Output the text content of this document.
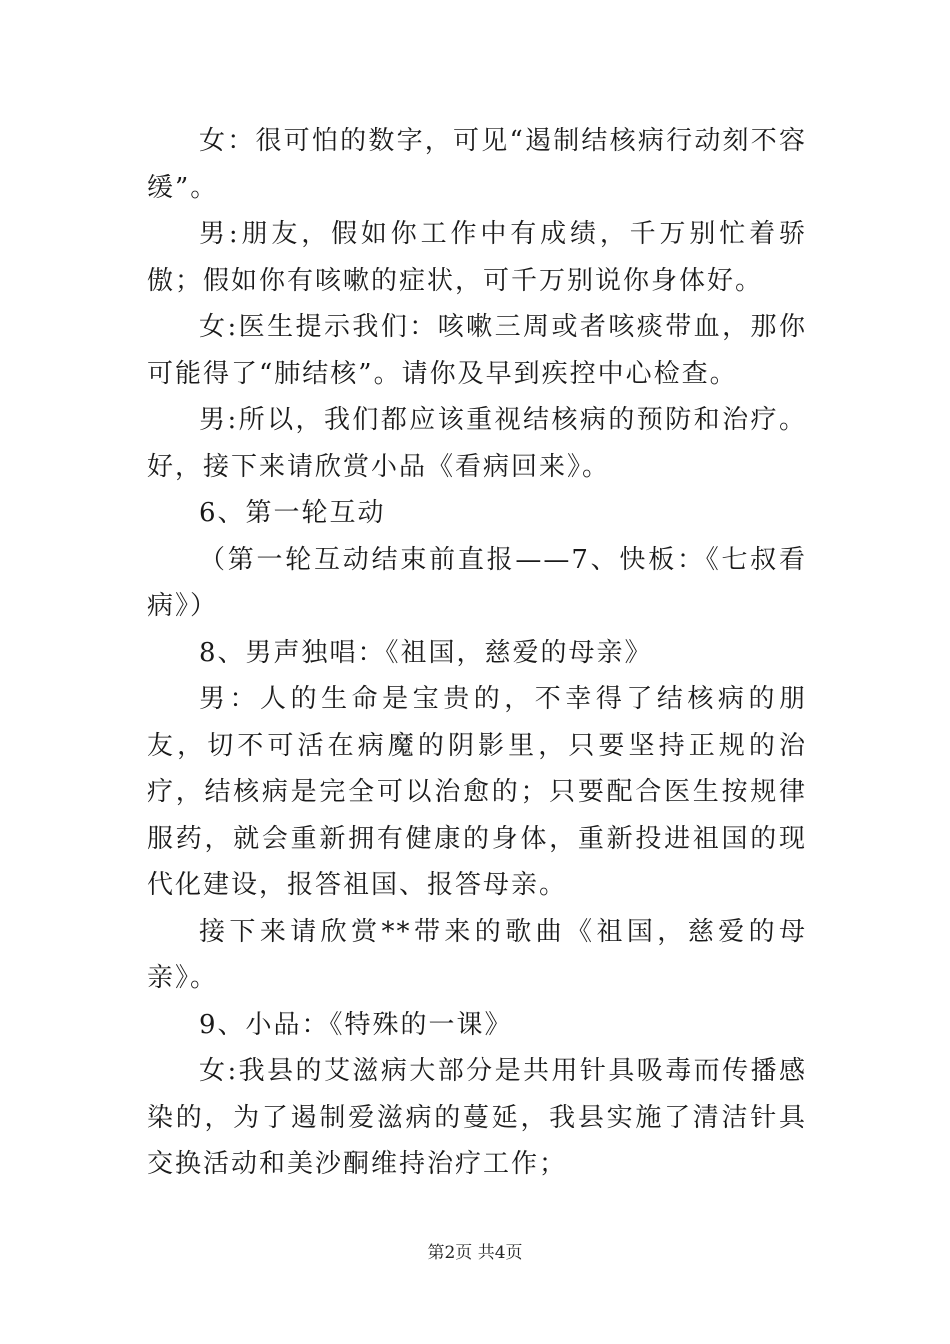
女：很可怕的数字，可见“遏制结核病行动刻不容缓”。

男:朋友，假如你工作中有成绩，千万别忙着骄傲；假如你有咳嗽的症状，可千万别说你身体好。

女:医生提示我们：咳嗽三周或者咳痰带血，那你可能得了“肺结核”。请你及早到疾控中心检查。

男:所以，我们都应该重视结核病的预防和治疗。好，接下来请欣赏小品《看病回来》。

6、第一轮互动

（第一轮互动结束前直报——7、快板：《七叔看病》）

8、男声独唱：《祖国，慈爱的母亲》

男：人的生命是宝贵的，不幸得了结核病的朋友，切不可活在病魔的阴影里，只要坚持正规的治疗，结核病是完全可以治愈的；只要配合医生按规律服药，就会重新拥有健康的身体，重新投进祖国的现代化建设，报答祖国、报答母亲。

接下来请欣赏**带来的歌曲《祖国，慈爱的母亲》。

9、小品：《特殊的一课》

女:我县的艾滋病大部分是共用针具吸毒而传播感染的，为了遏制爱滋病的蔓延，我县实施了清洁针具交换活动和美沙酮维持治疗工作；

第2页 共4页
